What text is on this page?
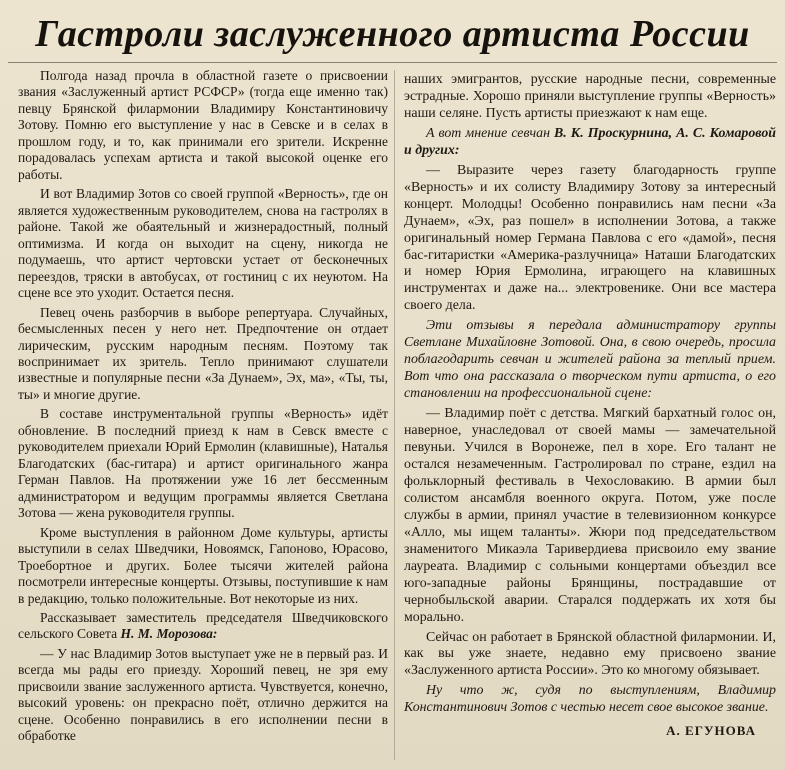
Гастроли заслуженного артиста России

Полгода назад прочла в областной газете о присвоении звания «Заслуженный артист РСФСР» (тогда еще именно так) певцу Брянской филармонии Владимиру Константиновичу Зотову. Помню его выступление у нас в Севске и в селах в прошлом году, и то, как принимали его зрители. Искренне порадовалась успехам артиста и такой высокой оценке его работы.

И вот Владимир Зотов со своей группой «Верность», где он является художественным руководителем, снова на гастролях в районе. Такой же обаятельный и жизнерадостный, полный оптимизма. И когда он выходит на сцену, никогда не подумаешь, что артист чертовски устает от бесконечных переездов, тряски в автобусах, от гостиниц с их неуютом. На сцене все это уходит. Остается песня.

Певец очень разборчив в выборе репертуара. Случайных, бесмысленных песен у него нет. Предпочтение он отдает лирическим, русским народным песням. Поэтому так воспринимает их зритель. Тепло принимают слушатели известные и популярные песни «За Дунаем», Эх, ма», «Ты, ты, ты» и многие другие.

В составе инструментальной группы «Верность» идёт обновление. В последний приезд к нам в Севск вместе с руководителем приехали Юрий Ермолин (клавишные), Наталья Благодатских (бас-гитара) и артист оригинального жанра Герман Павлов. На протяжении уже 16 лет бессменным администратором и ведущим программы является Светлана Зотова — жена руководителя группы.

Кроме выступления в районном Доме культуры, артисты выступили в селах Шведчики, Новоямск, Гапоново, Юрасово, Троебортное и других. Более тысячи жителей района посмотрели интересные концерты. Отзывы, поступившие к нам в редакцию, только положительные. Вот некоторые из них.

Рассказывает заместитель председателя Шведчиковского сельского Совета Н. М. Морозова:

— У нас Владимир Зотов выступает уже не в первый раз. И всегда мы рады его приезду. Хороший певец, не зря ему присвоили звание заслуженного артиста. Чувствуется, конечно, высокий уровень: он прекрасно поёт, отлично держится на сцене. Особенно понравились в его исполнении песни в обработке

наших эмигрантов, русские народные песни, современные эстрадные. Хорошо приняли выступление группы «Верность» наши селяне. Пусть артисты приезжают к нам еще.

А вот мнение севчан В. К. Проскурнина, А. С. Комаровой и других:

— Выразите через газету благодарность группе «Верность» и их солисту Владимиру Зотову за интересный концерт. Молодцы! Особенно понравились нам песни «За Дунаем», «Эх, раз пошел» в исполнении Зотова, а также оригинальный номер Германа Павлова с его «дамой», песня бас-гитаристки «Америка-разлучница» Наташи Благодатских и номер Юрия Ермолина, играющего на клавишных инструментах и даже на... электровенике. Они все мастера своего дела.

Эти отзывы я передала администратору группы Светлане Михайловне Зотовой. Она, в свою очередь, просила поблагодарить севчан и жителей района за теплый прием. Вот что она рассказала о творческом пути артиста, о его становлении на профессиональной сцене:

— Владимир поёт с детства. Мягкий бархатный голос он, наверное, унаследовал от своей мамы — замечательной певуньи. Учился в Воронеже, пел в хоре. Его талант не остался незамеченным. Гастролировал по стране, ездил на фольклорный фестиваль в Чехословакию. В армии был солистом ансамбля военного округа. Потом, уже после службы в армии, принял участие в телевизионном конкурсе «Алло, мы ищем таланты». Жюри под председательством знаменитого Микаэла Таривердиева присвоило ему звание лауреата. Владимир с сольными концертами объездил все юго-западные районы Брянщины, пострадавшие от чернобыльской аварии. Старался поддержать их хотя бы морально.

Сейчас он работает в Брянской областной филармонии. И, как вы уже знаете, недавно ему присвоено звание «Заслуженного артиста России». Это ко многому обязывает.

Ну что ж, судя по выступлениям, Владимир Константинович Зотов с честью несет свое высокое звание.

А. ЕГУНОВА
